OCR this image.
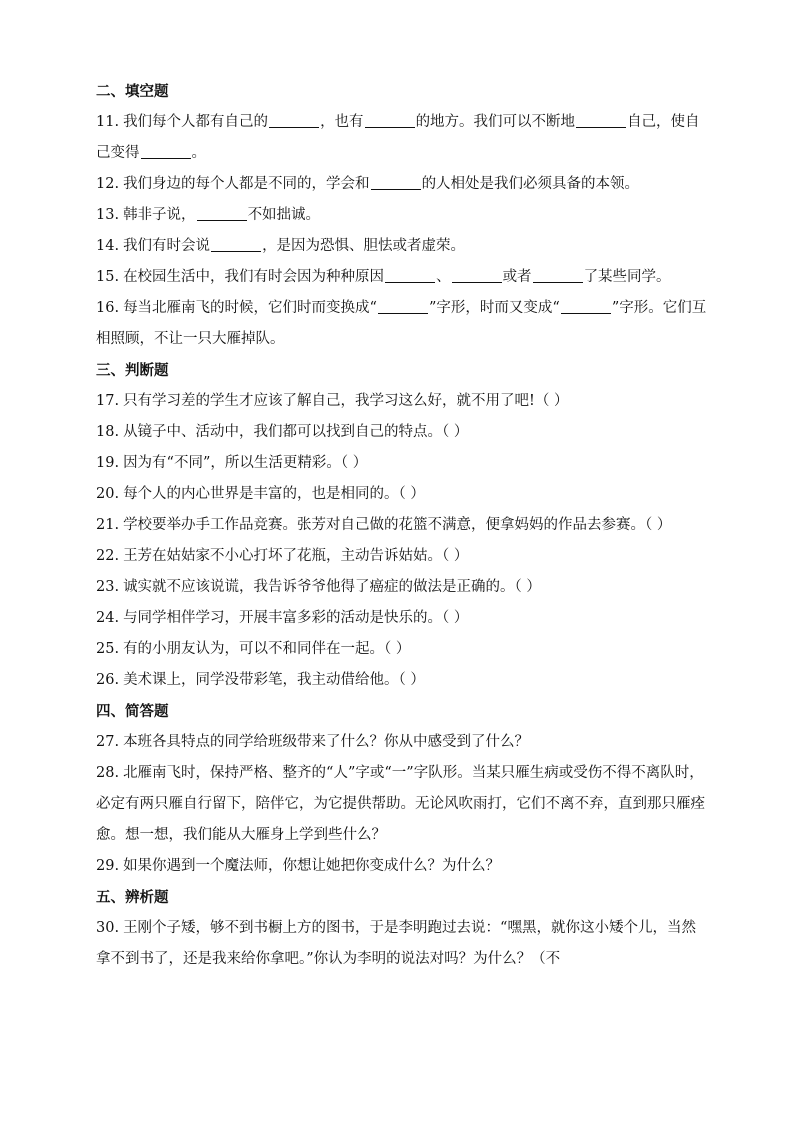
二、填空题
11. 我们每个人都有自己的	，也有	的地方。我们可以不断地	自己，使自己变得	。
12. 我们身边的每个人都是不同的，学会和	的人相处是我们必须具备的本领。
13. 韩非子说，	不如拙诚。
14. 我们有时会说	，是因为恐惧、胆怯或者虚荣。
15. 在校园生活中，我们有时会因为种种原因	、	或者	了某些同学。
16. 每当北雁南飞的时候，它们时而变换成“	”字形，时而又变成“	”字形。它们互相照顾，不让一只大雁掉队。
三、判断题
17. 只有学习差的学生才应该了解自己，我学习这么好，就不用了吧!（ ）
18. 从镜子中、活动中，我们都可以找到自己的特点。（ ）
19. 因为有“不同”，所以生活更精彩。（ ）
20. 每个人的内心世界是丰富的，也是相同的。（ ）
21. 学校要举办手工作品竞赛。张芳对自己做的花篮不满意，便拿妈妈的作品去参赛。（ ）
22. 王芳在姑姑家不小心打坏了花瓶，主动告诉姑姑。（ ）
23. 诚实就不应该说谎，我告诉爷爷他得了癌症的做法是正确的。（ ）
24. 与同学相伴学习，开展丰富多彩的活动是快乐的。（ ）
25. 有的小朋友认为，可以不和同伴在一起。（ ）
26. 美术课上，同学没带彩笔，我主动借给他。（ ）
四、简答题
27. 本班各具特点的同学给班级带来了什么？你从中感受到了什么？
28. 北雁南飞时，保持严格、整齐的“人”字或“一”字队形。当某只雁生病或受伤不得不离队时，必定有两只雁自行留下，陪伴它，为它提供帮助。无论风吹雨打，它们不离不弃，直到那只雁痊愈。想一想，我们能从大雁身上学到些什么？
29. 如果你遇到一个魔法师，你想让她把你变成什么？为什么？
五、辨析题
30. 王刚个子矮，够不到书橱上方的图书，于是李明跑过去说：“嘿黑，就你这小矮个儿，当然拿不到书了，还是我来给你拿吧。”你认为李明的说法对吗？为什么？（不
